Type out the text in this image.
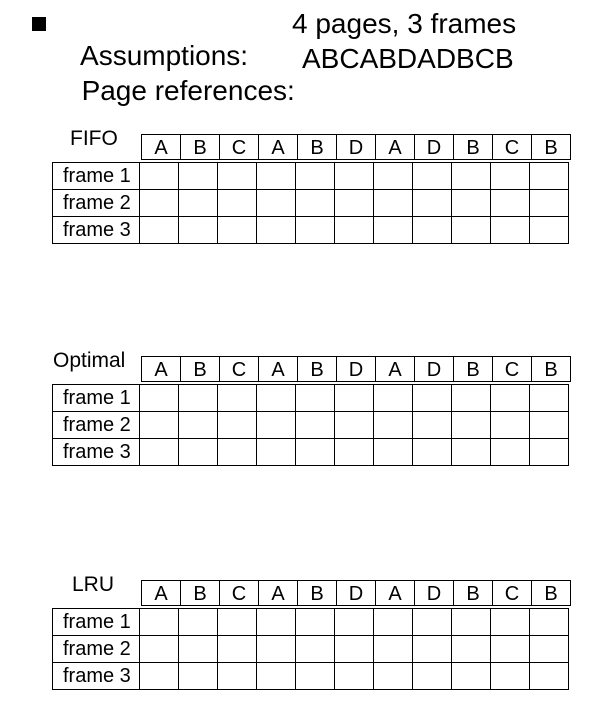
Assumptions:

4 pages, 3 frames

Page references:

ABCABDADBCB

FIFO	A	B	C	A	B	D	A	D	B	C	B
frame 1											
frame 2											
frame 3											
Optimal	A	B	C	A	B	D	A	D	B	C	B
frame 1											
frame 2											
frame 3											
LRU	A	B	C	A	B	D	A	D	B	C	B
frame 1											
frame 2											
frame 3											
